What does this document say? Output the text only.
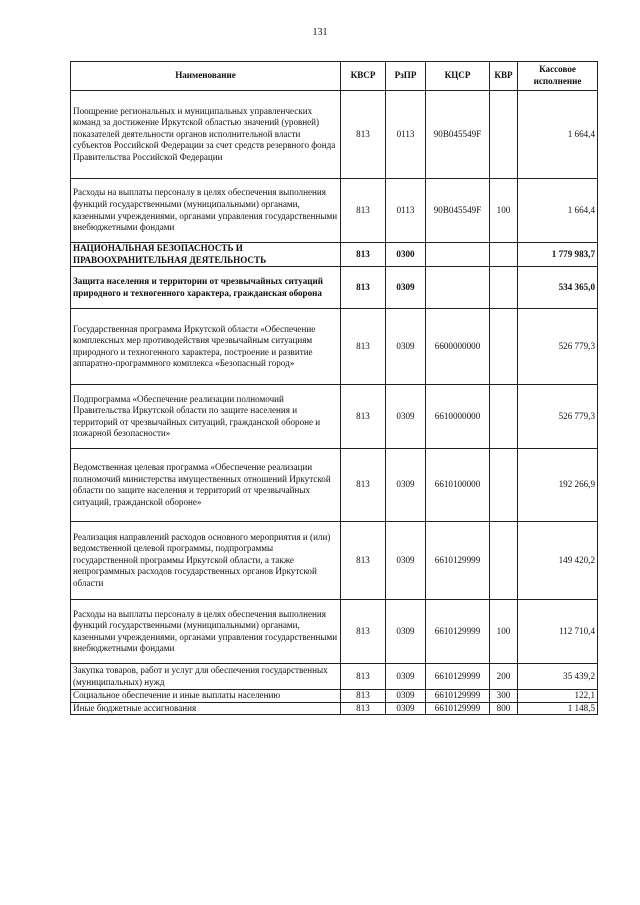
131
Наименование	КВСР	РзПР	КЦСР	КВР	Кассовое исполнение
Поощрение региональных и муниципальных управленческих команд за достижение Иркутской областью значений (уровней) показателей деятельности органов исполнительной власти субъектов Российской Федерации за счет средств резервного фонда Правительства Российской Федерации	813	0113	90В045549F		1 664,4
Расходы на выплаты персоналу в целях обеспечения выполнения функций государственными (муниципальными) органами, казенными учреждениями, органами управления государственными внебюджетными фондами	813	0113	90В045549F	100	1 664,4
НАЦИОНАЛЬНАЯ БЕЗОПАСНОСТЬ И ПРАВООХРАНИТЕЛЬНАЯ ДЕЯТЕЛЬНОСТЬ	813	0300			1 779 983,7
Защита населения и территории от чрезвычайных ситуаций природного и техногенного характера, гражданская оборона	813	0309			534 365,0
Государственная программа Иркутской области «Обеспечение комплексных мер противодействия чрезвычайным ситуациям природного и техногенного характера, построение и развитие аппаратно-программного комплекса «Безопасный город»	813	0309	6600000000		526 779,3
Подпрограмма «Обеспечение реализации полномочий Правительства Иркутской области по защите населения и территорий от чрезвычайных ситуаций, гражданской обороне и пожарной безопасности»	813	0309	6610000000		526 779,3
Ведомственная целевая программа «Обеспечение реализации полномочий министерства имущественных отношений Иркутской области по защите населения и территорий от чрезвычайных ситуаций, гражданской обороне»	813	0309	6610100000		192 266,9
Реализация направлений расходов основного мероприятия и (или) ведомственной целевой программы, подпрограммы государственной программы Иркутской области, а также непрограммных расходов государственных органов Иркутской области	813	0309	6610129999		149 420,2
Расходы на выплаты персоналу в целях обеспечения выполнения функций государственными (муниципальными) органами, казенными учреждениями, органами управления государственными внебюджетными фондами	813	0309	6610129999	100	112 710,4
Закупка товаров, работ и услуг для обеспечения государственных (муниципальных) нужд	813	0309	6610129999	200	35 439,2
Социальное обеспечение и иные выплаты населению	813	0309	6610129999	300	122,1
Иные бюджетные ассигнования	813	0309	6610129999	800	1 148,5
